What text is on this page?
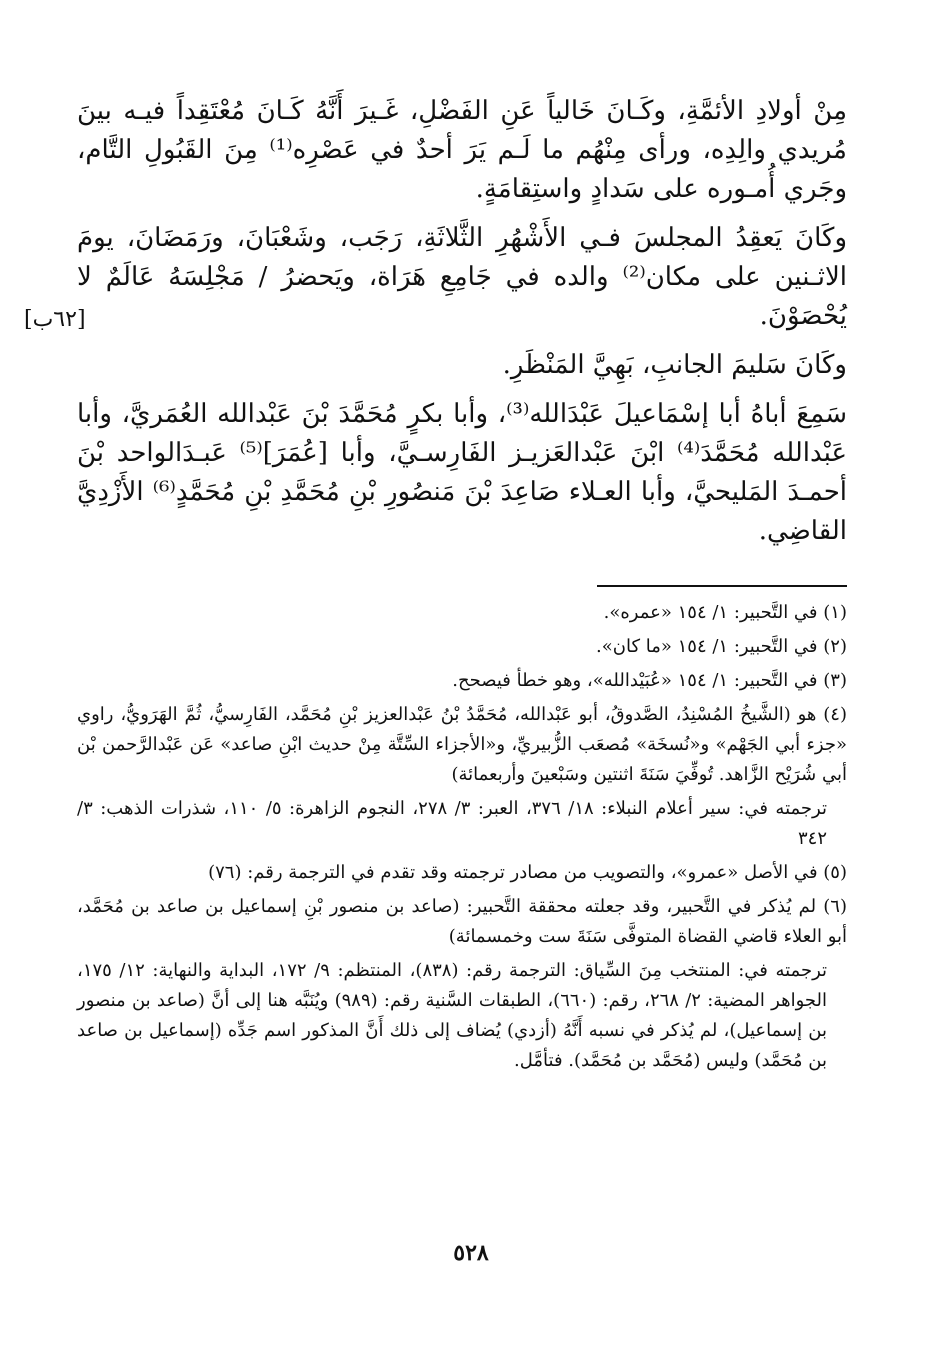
مِنْ أولادِ الأئمَّةِ، وكَـانَ خَالياً عَنِ الفَضْلِ، غَـيرَ أَنَّهُ كَـانَ مُعْتَقِداً فيـه بينَ مُريدي والِدِه، ورأى مِنْهُم ما لَـم يَرَ أحدٌ في عَصْرِه⁽¹⁾ مِنَ القَبُولِ التَّام، وجَري أُمـوره على سَدادٍ واستِقامَةٍ.

وكَانَ يَعقِدُ المجلسَ فـي الأَشْهُرِ الثَّلاثَةِ، رَجَب، وشَعْبَانَ، ورَمَضَانَ، يومَ الاثـنين على مكان⁽²⁾ والده في جَامِعِ هَرَاة، ويَحضرُ / مَجْلِسَهُ عَالَمٌ لا يُحْصَوْنَ.

وكَانَ سَليمَ الجانبِ، بَهِيَّ المَنْظَرِ.

سَمِعَ أباهُ أبا إسْمَاعيلَ عَبْدَالله⁽³⁾، وأبا بكرٍ مُحَمَّدَ بْنَ عَبْدالله العُمَريَّ، وأبا عَبْدالله مُحَمَّدَ⁽⁴⁾ ابْنَ عَبْدالعَزيـز الفَارِسـيَّ، وأبا [عُمَرَ]⁽⁵⁾ عَبـدَالواحد بْنَ أحمـدَ المَليحيَّ، وأبا العـلاء صَاعِدَ بْنَ مَنصُورِ بْنِ مُحَمَّدِ بْنِ مُحَمَّدٍ⁽⁶⁾ الأَزْدِيَّ القاضِي.

[٦٢ب]

(١) في التَّحبير: ١/ ١٥٤ «عمره».

(٢) في التَّحبير: ١/ ١٥٤ «ما كان».

(٣) في التَّحبير: ١/ ١٥٤ «عُبَيْدالله»، وهو خطأ فيصحح.

(٤) هو (الشَّيخُ المُسْنِدُ، الصَّدوقُ، أبو عَبْدالله، مُحَمَّدُ بْنُ عَبْدالعزيز بْنِ مُحَمَّد، الفَارِسيُّ، ثُمَّ الهَرَويُّ، راوي «جزء أبي الجَهْم» و«نُسخَة» مُصعَب الزُّبيريِّ، و«الأجزاء السِّتَّة مِنْ حديث ابْنِ صاعد» عَن عَبْدالرَّحمن بْن أبي شُرَيْح الزَّاهد. تُوفِّيَ سَنَةَ اثنتين وسَبْعينَ وأربعمائة)

ترجمته في: سير أعلام النبلاء: ١٨/ ٣٧٦، العبر: ٣/ ٢٧٨، النجوم الزاهرة: ٥/ ١١٠، شذرات الذهب: ٣/ ٣٤٢

(٥) في الأصل «عمرو»، والتصويب من مصادر ترجمته وقد تقدم في الترجمة رقم: (٧٦)

(٦) لم يُذكر في التَّحبير، وقد جعلته محققة التَّحبير: (صاعد بن منصور بْنِ إسماعيل بن صاعد بن مُحَمَّد، أبو العلاء قاضي القضاة المتوفَّى سَنَةَ ست وخمسمائة)

ترجمته في: المنتخب مِنَ السِّياق: الترجمة رقم: (٨٣٨)، المنتظم: ٩/ ١٧٢، البداية والنهاية: ١٢/ ١٧٥، الجواهر المضية: ٢/ ٢٦٨، رقم: (٦٦٠)، الطبقات السَّنية رقم: (٩٨٩) ويُنَبَّه هنا إلى أنَّ (صاعد بن منصور بن إسماعيل)، لم يُذكر في نسبه أَنَّهُ (أزدي) يُضاف إلى ذلك أَنَّ المذكور اسم جَدِّه (إسماعيل بن صاعد بن مُحَمَّد) وليس (مُحَمَّد بن مُحَمَّد). فتأمَّل.

٥٢٨
